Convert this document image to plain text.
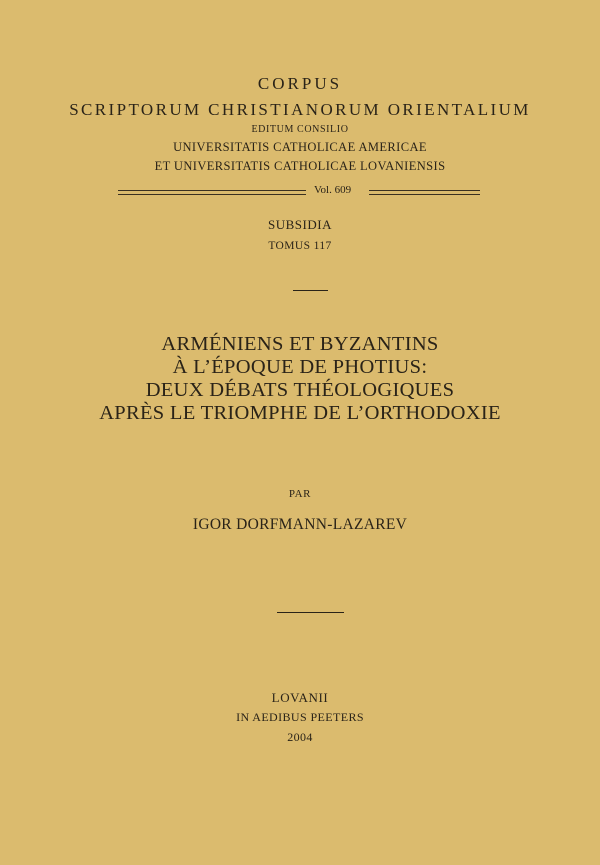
CORPUS
SCRIPTORUM CHRISTIANORUM ORIENTALIUM
EDITUM CONSILIO
UNIVERSITATIS CATHOLICAE AMERICAE
ET UNIVERSITATIS CATHOLICAE LOVANIENSIS
Vol. 609
SUBSIDIA
TOMUS 117
ARMÉNIENS ET BYZANTINS
À L’ÉPOQUE DE PHOTIUS:
DEUX DÉBATS THÉOLOGIQUES
APRÈS LE TRIOMPHE DE L’ORTHODOXIE
PAR
IGOR DORFMANN-LAZAREV
LOVANII
IN AEDIBUS PEETERS
2004
